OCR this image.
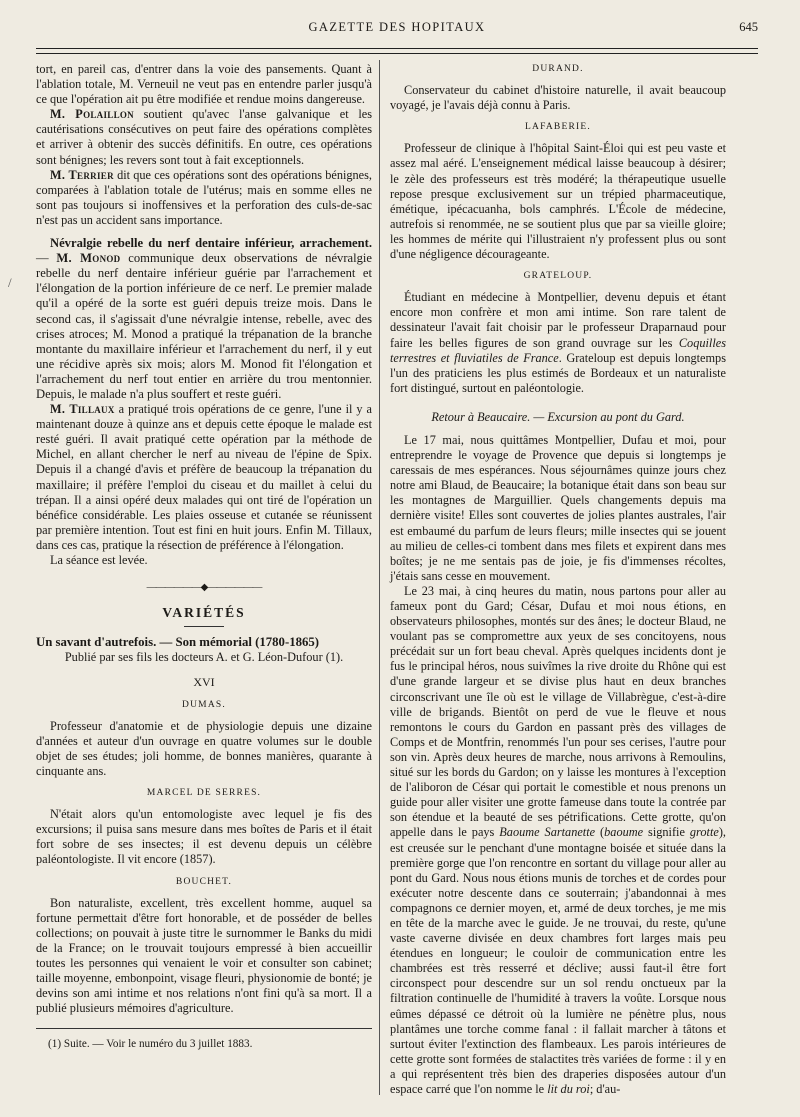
GAZETTE DES HOPITAUX	645
/

tort, en pareil cas, d'entrer dans la voie des pansements. Quant à l'ablation totale, M. Verneuil ne veut pas en entendre parler jusqu'à ce que l'opération ait pu être modifiée et rendue moins dangereuse.

M. Polaillon soutient qu'avec l'anse galvanique et les cautérisations consécutives on peut faire des opérations complètes et arriver à obtenir des succès définitifs. En outre, ces opérations sont bénignes; les revers sont tout à fait exceptionnels.

M. Terrier dit que ces opérations sont des opérations bénignes, comparées à l'ablation totale de l'utérus; mais en somme elles ne sont pas toujours si inoffensives et la perforation des culs-de-sac n'est pas un accident sans importance.

Névralgie rebelle du nerf dentaire inférieur, arrachement. — M. Monod communique deux observations de névralgie rebelle du nerf dentaire inférieur guérie par l'arrachement et l'élongation de la portion inférieure de ce nerf. Le premier malade qu'il a opéré de la sorte est guéri depuis treize mois. Dans le second cas, il s'agissait d'une névralgie intense, rebelle, avec des crises atroces; M. Monod a pratiqué la trépanation de la branche montante du maxillaire inférieur et l'arrachement du nerf, il y eut une récidive après six mois; alors M. Monod fit l'élongation et l'arrachement du nerf tout entier en arrière du trou mentonnier. Depuis, le malade n'a plus souffert et reste guéri.

M. Tillaux a pratiqué trois opérations de ce genre, l'une il y a maintenant douze à quinze ans et depuis cette époque le malade est resté guéri. Il avait pratiqué cette opération par la méthode de Michel, en allant chercher le nerf au niveau de l'épine de Spix. Depuis il a changé d'avis et préfère de beaucoup la trépanation du maxillaire; il préfère l'emploi du ciseau et du maillet à celui du trépan. Il a ainsi opéré deux malades qui ont tiré de l'opération un bénéfice considérable. Les plaies osseuse et cutanée se réunissent par première intention. Tout est fini en huit jours. Enfin M. Tillaux, dans ces cas, pratique la résection de préférence à l'élongation.

La séance est levée.

——————◆——————
VARIÉTÉS

Un savant d'autrefois. — Son mémorial (1780-1865)

Publié par ses fils les docteurs A. et G. Léon-Dufour (1).

XVI

DUMAS.

Professeur d'anatomie et de physiologie depuis une dizaine d'années et auteur d'un ouvrage en quatre volumes sur le double objet de ses études; joli homme, de bonnes manières, quarante à cinquante ans.

MARCEL DE SERRES.

N'était alors qu'un entomologiste avec lequel je fis des excursions; il puisa sans mesure dans mes boîtes de Paris et il était fort sobre de ses insectes; il est devenu depuis un célèbre paléontologiste. Il vit encore (1857).

BOUCHET.

Bon naturaliste, excellent, très excellent homme, auquel sa fortune permettait d'être fort honorable, et de posséder de belles collections; on pouvait à juste titre le surnommer le Banks du midi de la France; on le trouvait toujours empressé à bien accueillir toutes les personnes qui venaient le voir et consulter son cabinet; taille moyenne, embonpoint, visage fleuri, physionomie de bonté; je devins son ami intime et nos relations n'ont fini qu'à sa mort. Il a publié plusieurs mémoires d'agriculture.

(1) Suite. — Voir le numéro du 3 juillet 1883.

DURAND.

Conservateur du cabinet d'histoire naturelle, il avait beaucoup voyagé, je l'avais déjà connu à Paris.

LAFABERIE.

Professeur de clinique à l'hôpital Saint-Éloi qui est peu vaste et assez mal aéré. L'enseignement médical laisse beaucoup à désirer; le zèle des professeurs est très modéré; la thérapeutique usuelle repose presque exclusivement sur un trépied pharmaceutique, émétique, ipécacuanha, bols camphrés. L'École de médecine, autrefois si renommée, ne se soutient plus que par sa vieille gloire; les hommes de mérite qui l'illustraient n'y professent plus ou sont d'une négligence décourageante.

GRATELOUP.

Étudiant en médecine à Montpellier, devenu depuis et étant encore mon confrère et mon ami intime. Son rare talent de dessinateur l'avait fait choisir par le professeur Draparnaud pour faire les belles figures de son grand ouvrage sur les Coquilles terrestres et fluviatiles de France. Grateloup est depuis longtemps l'un des praticiens les plus estimés de Bordeaux et un naturaliste fort distingué, surtout en paléontologie.

Retour à Beaucaire. — Excursion au pont du Gard.

Le 17 mai, nous quittâmes Montpellier, Dufau et moi, pour entreprendre le voyage de Provence que depuis si longtemps je caressais de mes espérances. Nous séjournâmes quinze jours chez notre ami Blaud, de Beaucaire; la botanique était dans son beau sur les montagnes de Marguillier. Quels changements depuis ma dernière visite! Elles sont couvertes de jolies plantes australes, l'air est embaumé du parfum de leurs fleurs; mille insectes qui se jouent au milieu de celles-ci tombent dans mes filets et expirent dans mes boîtes; je ne me sentais pas de joie, je fis d'immenses récoltes, j'étais sans cesse en mouvement.

Le 23 mai, à cinq heures du matin, nous partons pour aller au fameux pont du Gard; César, Dufau et moi nous étions, en observateurs philosophes, montés sur des ânes; le docteur Blaud, ne voulant pas se compromettre aux yeux de ses concitoyens, nous précédait sur un fort beau cheval. Après quelques incidents dont je fus le principal héros, nous suivîmes la rive droite du Rhône qui est d'une grande largeur et se divise plus haut en deux branches circonscrivant une île où est le village de Villabrègue, c'est-à-dire ville de brigands. Bientôt on perd de vue le fleuve et nous remontons le cours du Gardon en passant près des villages de Comps et de Montfrin, renommés l'un pour ses cerises, l'autre pour son vin. Après deux heures de marche, nous arrivons à Remoulins, situé sur les bords du Gardon; on y laisse les montures à l'exception de l'aliboron de César qui portait le comestible et nous prenons un guide pour aller visiter une grotte fameuse dans toute la contrée par son étendue et la beauté de ses pétrifications. Cette grotte, qu'on appelle dans le pays Baoume Sartanette (baoume signifie grotte), est creusée sur le penchant d'une montagne boisée et située dans la première gorge que l'on rencontre en sortant du village pour aller au pont du Gard. Nous nous étions munis de torches et de cordes pour exécuter notre descente dans ce souterrain; j'abandonnai à mes compagnons ce dernier moyen, et, armé de deux torches, je me mis en tête de la marche avec le guide. Je ne trouvai, du reste, qu'une vaste caverne divisée en deux chambres fort larges mais peu étendues en longueur; le couloir de communication entre les chambrées est très resserré et déclive; aussi faut-il être fort circonspect pour descendre sur un sol rendu onctueux par la filtration continuelle de l'humidité à travers la voûte. Lorsque nous eûmes dépassé ce détroit où la lumière ne pénètre plus, nous plantâmes une torche comme fanal : il fallait marcher à tâtons et surtout éviter l'extinction des flambeaux. Les parois intérieures de cette grotte sont formées de stalactites très variées de forme : il y en a qui représentent très bien des draperies disposées autour d'un espace carré que l'on nomme le lit du roi; d'au-
